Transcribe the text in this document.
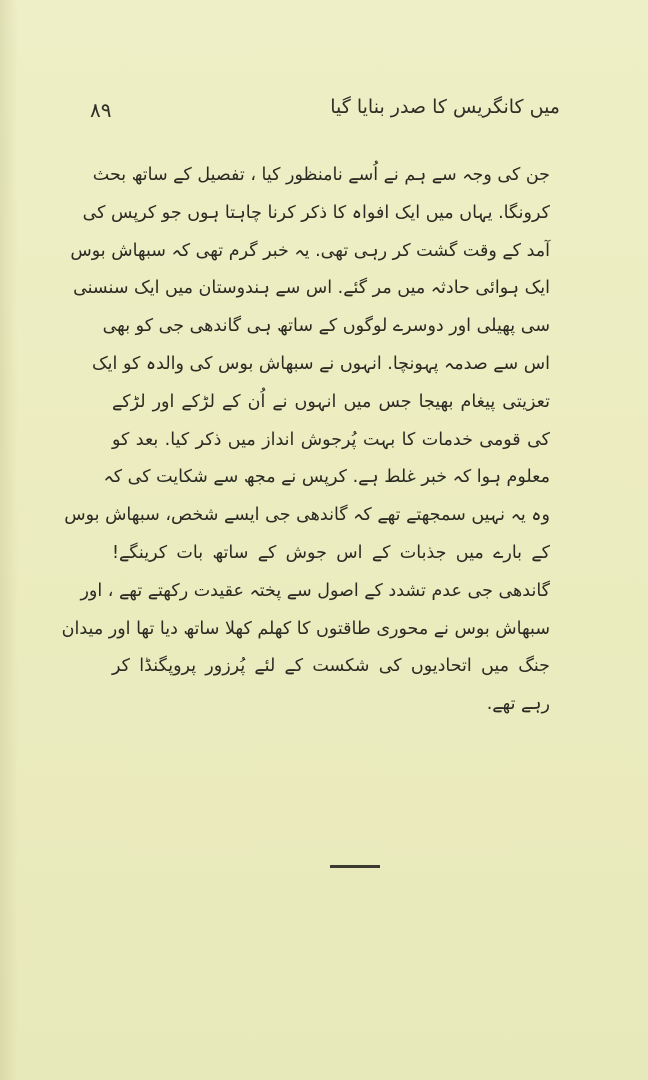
٨٩	میں کانگریس کا صدر بنایا گیا
جن کی وجہ سے ہم نے اُسے نامنظور کیا ، تفصیل کے ساتھ بحث
کرونگا. یہاں میں ایک افواہ کا ذکر کرنا چاہتا ہوں جو کرپس کی
آمد کے وقت گشت کر رہی تھی. یہ خبر گرم تھی کہ سبھاش بوس
ایک ہوائی حادثہ میں مر گئے. اس سے ہندوستان میں ایک سنسنی
سی پھیلی اور دوسرے لوگوں کے ساتھ ہی گاندھی جی کو بھی
اس سے صدمہ پہونچا. انہوں نے سبھاش بوس کی والدہ کو ایک
تعزیتی پیغام بھیجا جس میں انہوں نے اُن کے لڑکے اور لڑکے
کی قومی خدمات کا بہت پُرجوش انداز میں ذکر کیا. بعد کو
معلوم ہوا کہ خبر غلط ہے. کرپس نے مجھ سے شکایت کی کہ
وہ یہ نہیں سمجھتے تھے کہ گاندھی جی ایسے شخص، سبھاش بوس
کے بارے میں جذبات کے اس جوش کے ساتھ بات کرینگے!
گاندھی جی عدم تشدد کے اصول سے پختہ عقیدت رکھتے تھے ، اور
سبھاش بوس نے محوری طاقتوں کا کھلم کھلا ساتھ دیا تھا اور میدان
جنگ میں اتحادیوں کی شکست کے لئے پُرزور پروپگنڈا کر
رہے تھے.
